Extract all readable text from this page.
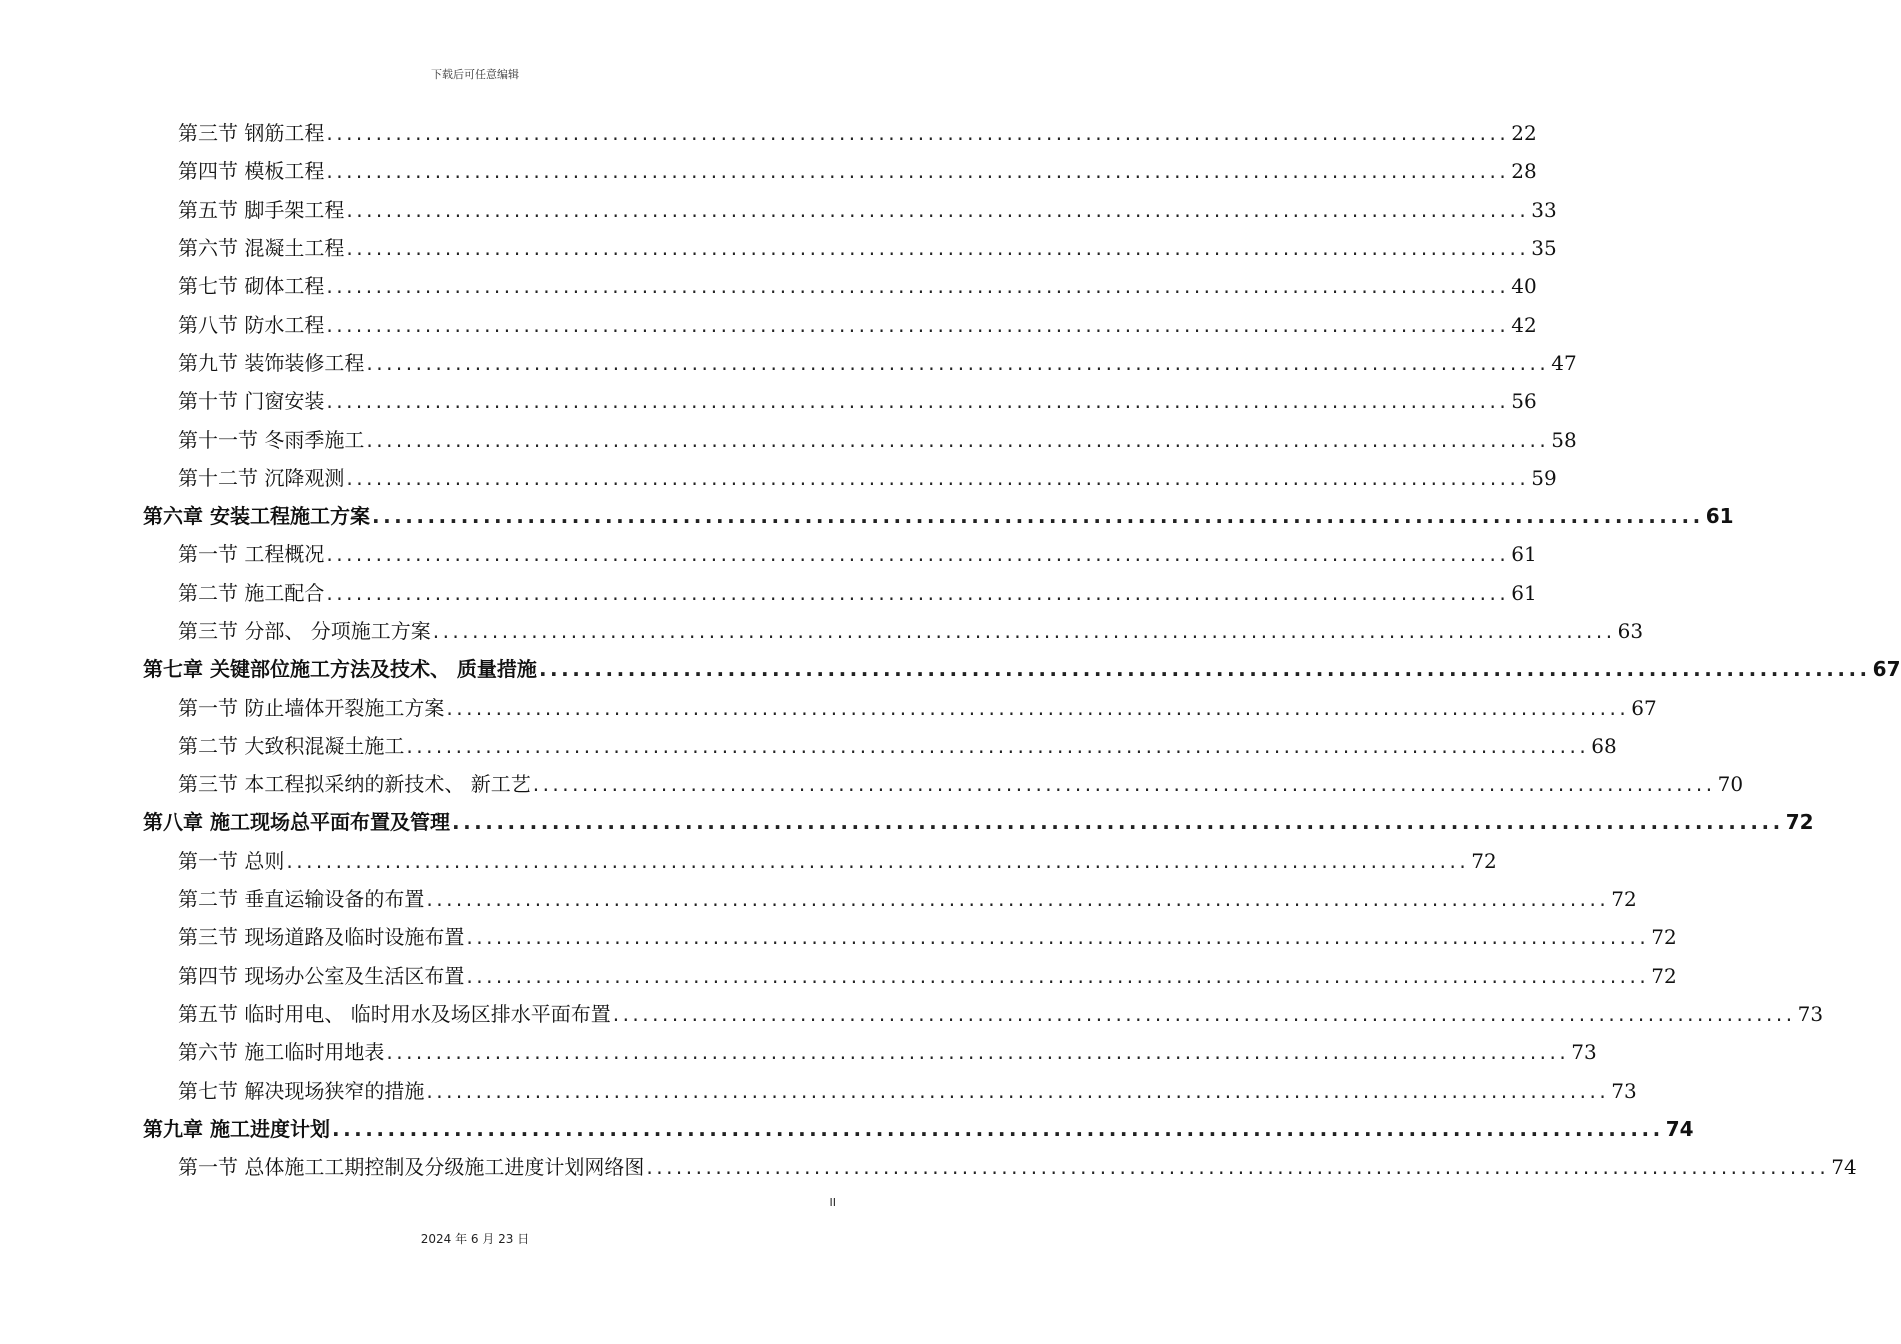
下载后可任意编辑
第三节 钢筋工程 ........................................................................................................................ 22
第四节 模板工程 ........................................................................................................................ 28
第五节 脚手架工程 ........................................................................................................................ 33
第六节 混凝土工程 ........................................................................................................................ 35
第七节 砌体工程 ........................................................................................................................ 40
第八节 防水工程 ........................................................................................................................ 42
第九节 装饰装修工程 ........................................................................................................................ 47
第十节 门窗安装 ........................................................................................................................ 56
第十一节 冬雨季施工 ........................................................................................................................ 58
第十二节 沉降观测 ........................................................................................................................ 59
第六章 安装工程施工方案 ........................................................................................................................ 61
第一节 工程概况 ........................................................................................................................ 61
第二节 施工配合 ........................................................................................................................ 61
第三节 分部、 分项施工方案 ........................................................................................................................ 63
第七章 关键部位施工方法及技术、 质量措施 ........................................................................................................................ 67
第一节 防止墙体开裂施工方案 ........................................................................................................................ 67
第二节 大致积混凝土施工 ........................................................................................................................ 68
第三节 本工程拟采纳的新技术、 新工艺 ........................................................................................................................ 70
第八章 施工现场总平面布置及管理 ........................................................................................................................ 72
第一节 总则 ........................................................................................................................ 72
第二节 垂直运输设备的布置 ........................................................................................................................ 72
第三节 现场道路及临时设施布置 ........................................................................................................................ 72
第四节 现场办公室及生活区布置 ........................................................................................................................ 72
第五节 临时用电、 临时用水及场区排水平面布置 ........................................................................................................................ 73
第六节 施工临时用地表 ........................................................................................................................ 73
第七节 解决现场狭窄的措施 ........................................................................................................................ 73
第九章 施工进度计划 ........................................................................................................................ 74
第一节 总体施工工期控制及分级施工进度计划网络图 ........................................................................................................................ 74
II
2024 年 6 月 23 日
